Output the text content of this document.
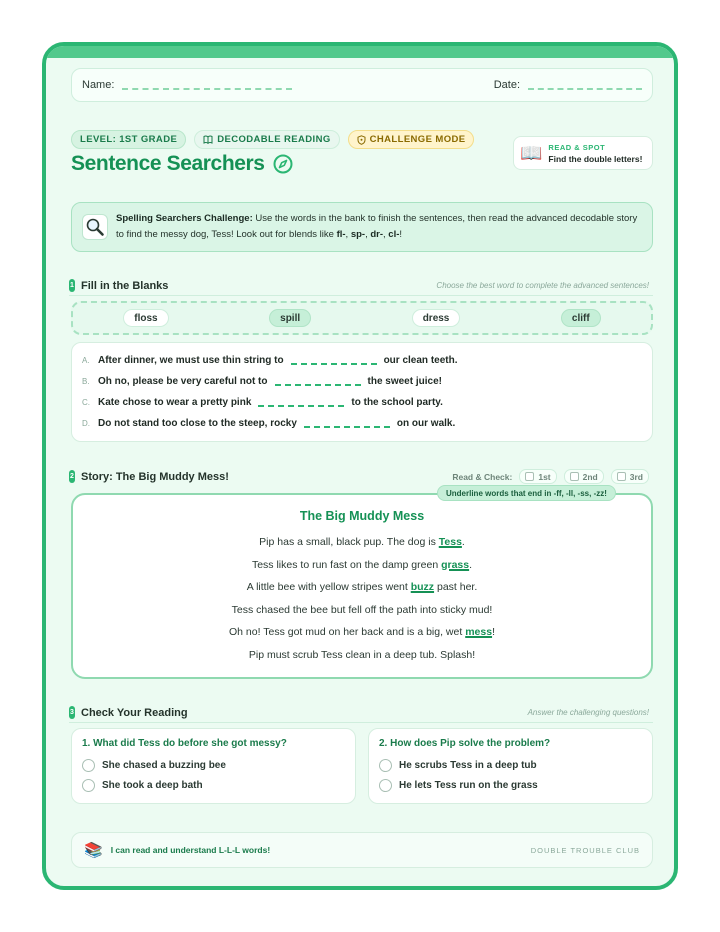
Name:	Date:
LEVEL: 1ST GRADE	DECODABLE READING	CHALLENGE MODE
Sentence Searchers	📖 READ & SPOT
Find the double letters!
Spelling Searchers Challenge: Use the words in the bank to finish the sentences, then read the advanced decodable story to find the messy dog, Tess! Look out for blends like fl-, sp-, dr-, cl-!
1 Fill in the Blanks	Choose the best word to complete the advanced sentences!
floss	spill	dress	cliff
A. After dinner, we must use thin string to	our clean teeth.
B. Oh no, please be very careful not to	the sweet juice!
C. Kate chose to wear a pretty pink	to the school party.
D. Do not stand too close to the steep, rocky	on our walk.
2 Story: The Big Muddy Mess!	Read & Check:	1st	2nd	3rd
The Big Muddy Mess

Pip has a small, black pup. The dog is Tess.

Tess likes to run fast on the damp green grass.

A little bee with yellow stripes went buzz past her.

Tess chased the bee but fell off the path into sticky mud!

Oh no! Tess got mud on her back and is a big, wet mess!

Pip must scrub Tess clean in a deep tub. Splash!

Underline words that end in -ff, -ll, -ss, -zz!
3 Check Your Reading	Answer the challenging questions!
1. What did Tess do before she got messy?
She chased a buzzing bee
She took a deep bath
2. How does Pip solve the problem?
He scrubs Tess in a deep tub
He lets Tess run on the grass
📚 I can read and understand L-L-L words!	DOUBLE TROUBLE CLUB
